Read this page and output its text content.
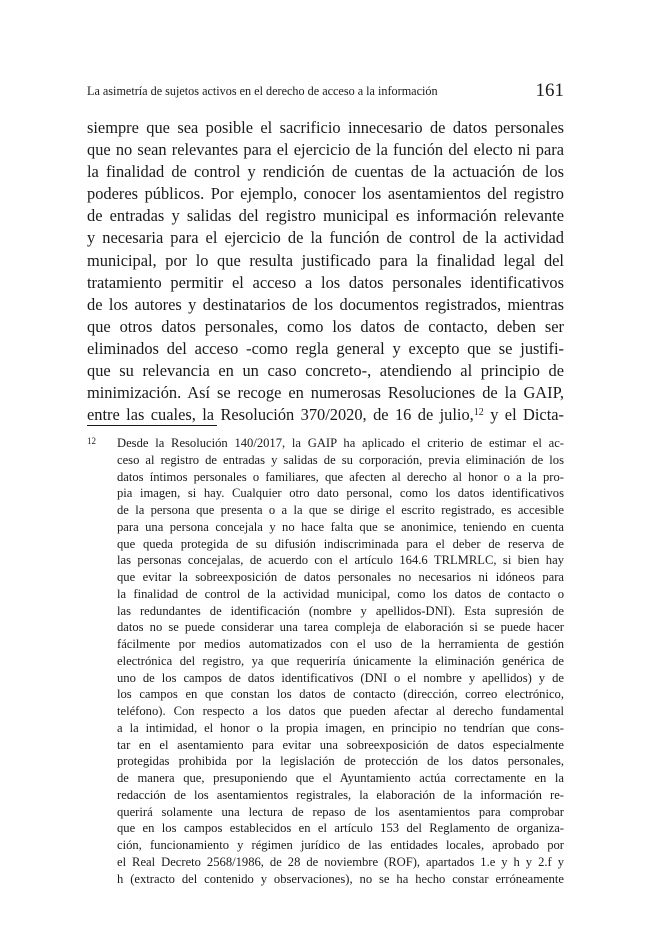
La asimetría de sujetos activos en el derecho de acceso a la información	161
siempre que sea posible el sacrificio innecesario de datos personales
que no sean relevantes para el ejercicio de la función del electo ni para
la finalidad de control y rendición de cuentas de la actuación de los
poderes públicos. Por ejemplo, conocer los asentamientos del registro
de entradas y salidas del registro municipal es información relevante
y necesaria para el ejercicio de la función de control de la actividad
municipal, por lo que resulta justificado para la finalidad legal del
tratamiento permitir el acceso a los datos personales identificativos
de los autores y destinatarios de los documentos registrados, mientras
que otros datos personales, como los datos de contacto, deben ser
eliminados del acceso -como regla general y excepto que se justifi-
que su relevancia en un caso concreto-, atendiendo al principio de
minimización. Así se recoge en numerosas Resoluciones de la GAIP,
entre las cuales, la Resolución 370/2020, de 16 de julio,$^{12}$ y el Dicta-
12 Desde la Resolución 140/2017, la GAIP ha aplicado el criterio de estimar el ac-
ceso al registro de entradas y salidas de su corporación, previa eliminación de los
datos íntimos personales o familiares, que afecten al derecho al honor o a la pro-
pia imagen, si hay. Cualquier otro dato personal, como los datos identificativos
de la persona que presenta o a la que se dirige el escrito registrado, es accesible
para una persona concejala y no hace falta que se anonimice, teniendo en cuenta
que queda protegida de su difusión indiscriminada para el deber de reserva de
las personas concejalas, de acuerdo con el artículo 164.6 TRLMRLC, si bien hay
que evitar la sobreexposición de datos personales no necesarios ni idóneos para
la finalidad de control de la actividad municipal, como los datos de contacto o
las redundantes de identificación (nombre y apellidos-DNI). Esta supresión de
datos no se puede considerar una tarea compleja de elaboración si se puede hacer
fácilmente por medios automatizados con el uso de la herramienta de gestión
electrónica del registro, ya que requeriría únicamente la eliminación genérica de
uno de los campos de datos identificativos (DNI o el nombre y apellidos) y de
los campos en que constan los datos de contacto (dirección, correo electrónico,
teléfono). Con respecto a los datos que pueden afectar al derecho fundamental
a la intimidad, el honor o la propia imagen, en principio no tendrían que cons-
tar en el asentamiento para evitar una sobreexposición de datos especialmente
protegidas prohibida por la legislación de protección de los datos personales,
de manera que, presuponiendo que el Ayuntamiento actúa correctamente en la
redacción de los asentamientos registrales, la elaboración de la información re-
querirá solamente una lectura de repaso de los asentamientos para comprobar
que en los campos establecidos en el artículo 153 del Reglamento de organiza-
ción, funcionamiento y régimen jurídico de las entidades locales, aprobado por
el Real Decreto 2568/1986, de 28 de noviembre (ROF), apartados 1.e y h y 2.f y
h (extracto del contenido y observaciones), no se ha hecho constar erróneamente
